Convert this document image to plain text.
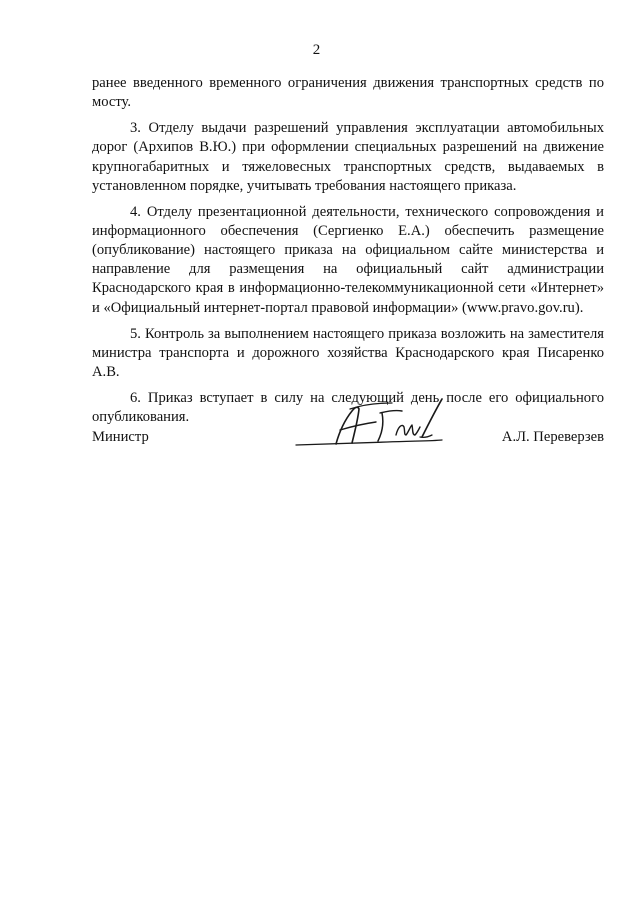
2

ранее введенного временного ограничения движения транспортных средств по мосту.

3. Отделу выдачи разрешений управления эксплуатации автомобильных дорог (Архипов В.Ю.) при оформлении специальных разрешений на движение крупногабаритных и тяжеловесных транспортных средств, выдаваемых в установленном порядке, учитывать требования настоящего приказа.

4. Отделу презентационной деятельности, технического сопровождения и информационного обеспечения (Сергиенко Е.А.) обеспечить размещение (опубликование) настоящего приказа на официальном сайте министерства и направление для размещения на официальный сайт администрации Краснодарского края в информационно-телекоммуникационной сети «Интернет» и «Официальный интернет-портал правовой информации» (www.pravo.gov.ru).

5. Контроль за выполнением настоящего приказа возложить на заместителя министра транспорта и дорожного хозяйства Краснодарского края Писаренко А.В.

6. Приказ вступает в силу на следующий день после его официального опубликования.

Министр	А.Л. Переверзев
